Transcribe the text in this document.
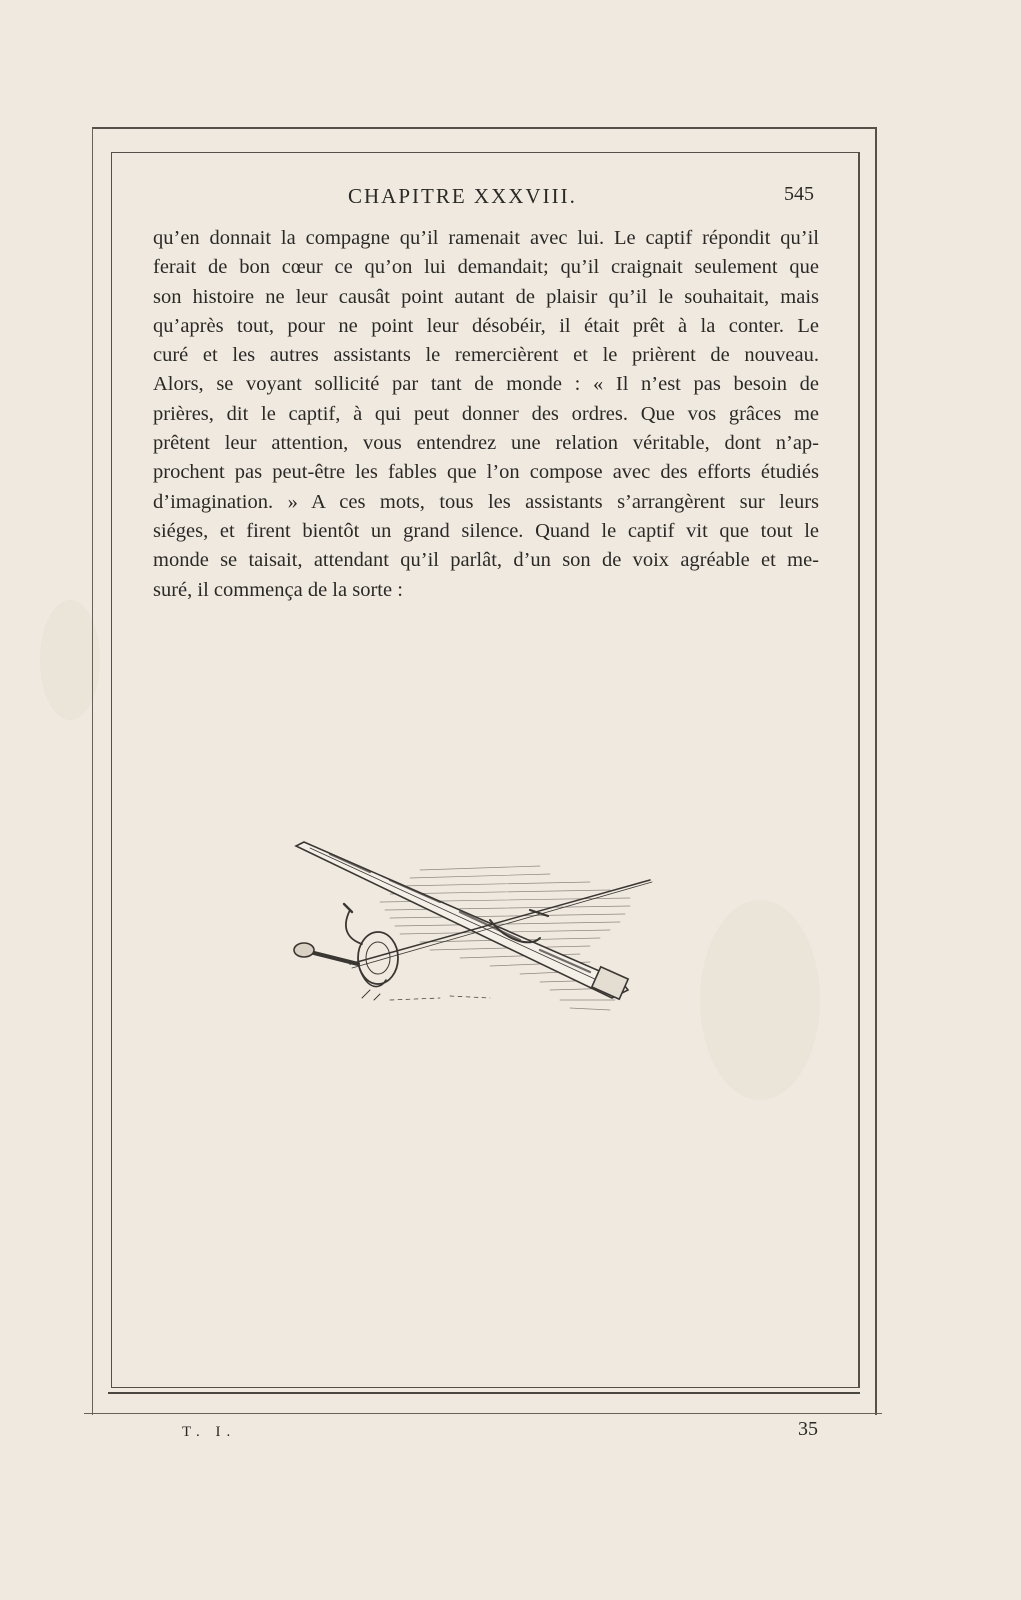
CHAPITRE XXXVIII.	545
qu’en donnait la compagne qu’il ramenait avec lui. Le captif répondit qu’il
ferait de bon cœur ce qu’on lui demandait; qu’il craignait seulement que
son histoire ne leur causât point autant de plaisir qu’il le souhaitait, mais
qu’après tout, pour ne point leur désobéir, il était prêt à la conter. Le
curé et les autres assistants le remercièrent et le prièrent de nouveau.
Alors, se voyant sollicité par tant de monde : « Il n’est pas besoin de
prières, dit le captif, à qui peut donner des ordres. Que vos grâces me
prêtent leur attention, vous entendrez une relation véritable, dont n’ap-
prochent pas peut-être les fables que l’on compose avec des efforts étudiés
d’imagination. » A ces mots, tous les assistants s’arrangèrent sur leurs
siéges, et firent bientôt un grand silence. Quand le captif vit que tout le
monde se taisait, attendant qu’il parlât, d’un son de voix agréable et me-
suré, il commença de la sorte :
T. I.	35
